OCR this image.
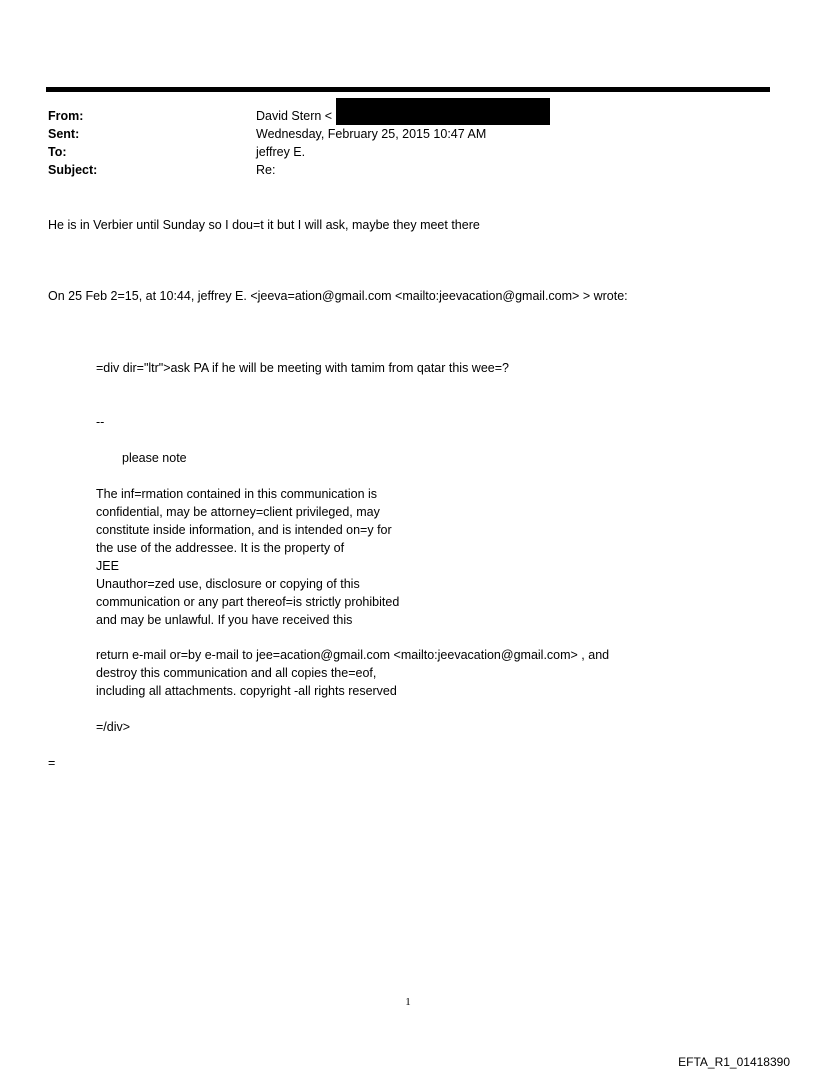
From:	David Stern <
Sent:	Wednesday, February 25, 2015 10:47 AM
To:	jeffrey E.
Subject:	Re:
He is in Verbier until Sunday so I dou=t it but I will ask, maybe they meet there
On 25 Feb 2=15, at 10:44, jeffrey E. <jeeva=ation@gmail.com <mailto:jeevacation@gmail.com> > wrote:
=div dir="ltr">ask PA if he will be meeting with tamim from qatar this wee=?
--
please note
The inf=rmation contained in this communication is
confidential, may be attorney=client privileged, may
constitute inside information, and is intended on=y for
the use of the addressee. It is the property of
JEE
Unauthor=zed use, disclosure or copying of this
communication or any part thereof=is strictly prohibited
and may be unlawful. If you have received this
return e-mail or=by e-mail to jee=acation@gmail.com <mailto:jeevacation@gmail.com> , and
destroy this communication and all copies the=eof,
including all attachments. copyright -all rights reserved
=/div>
=
1
EFTA_R1_01418390
